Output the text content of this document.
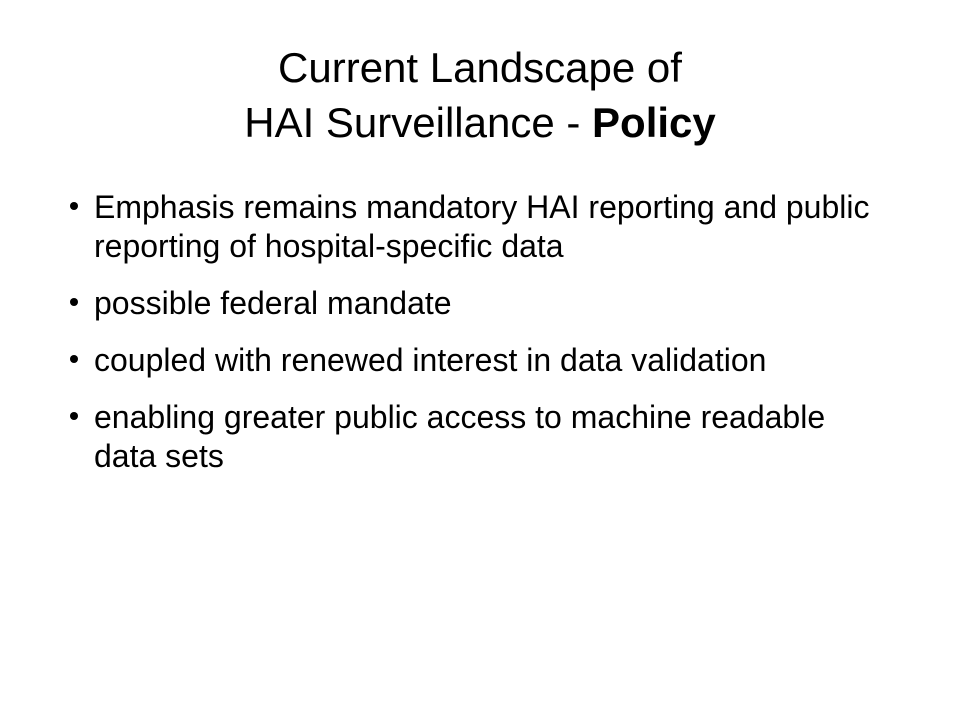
Current Landscape of
HAI Surveillance - Policy
Emphasis remains mandatory HAI reporting and public reporting of hospital-specific data
possible federal mandate
coupled with renewed interest in data validation
enabling greater public access to machine readable data sets
